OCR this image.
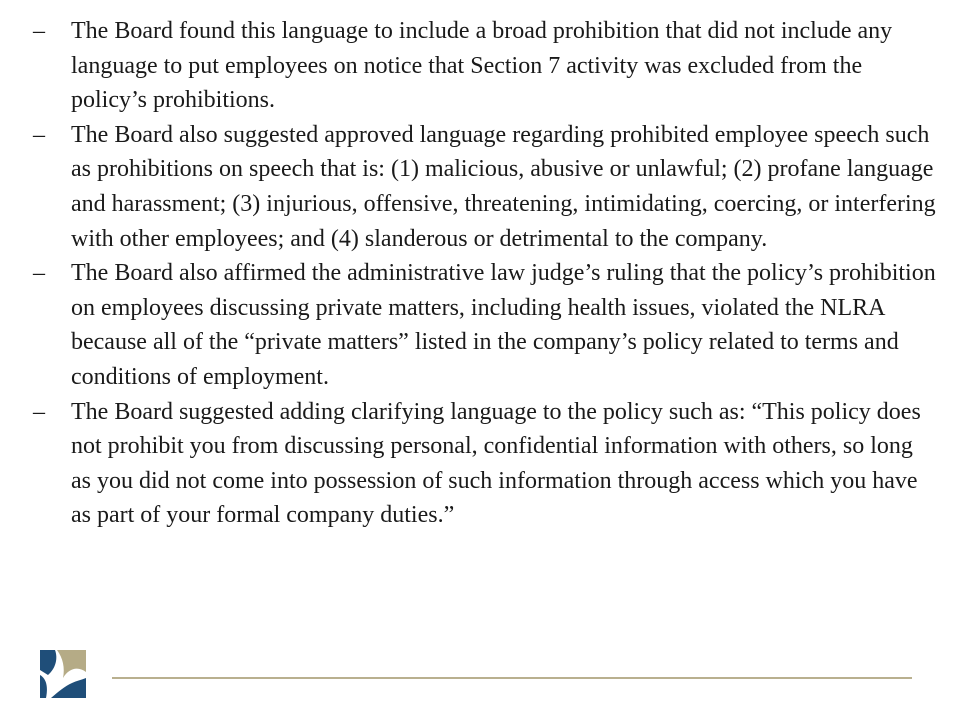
–	The Board found this language to include a broad prohibition that did not include any language to put employees on notice that Section 7 activity was excluded from the policy’s prohibitions.
–	The Board also suggested approved language regarding prohibited employee speech such as prohibitions on speech that is: (1) malicious, abusive or unlawful; (2) profane language and harassment; (3) injurious, offensive, threatening, intimidating, coercing, or interfering with other employees; and (4) slanderous or detrimental to the company.
–	The Board also affirmed the administrative law judge’s ruling that the policy’s prohibition on employees discussing private matters, including health issues, violated the NLRA because all of the “private matters” listed in the company’s policy related to terms and conditions of employment.
–	The Board suggested adding clarifying language to the policy such as: “This policy does not prohibit you from discussing personal, confidential information with others, so long as you did not come into possession of such information through access which you have as part of your formal company duties.”
